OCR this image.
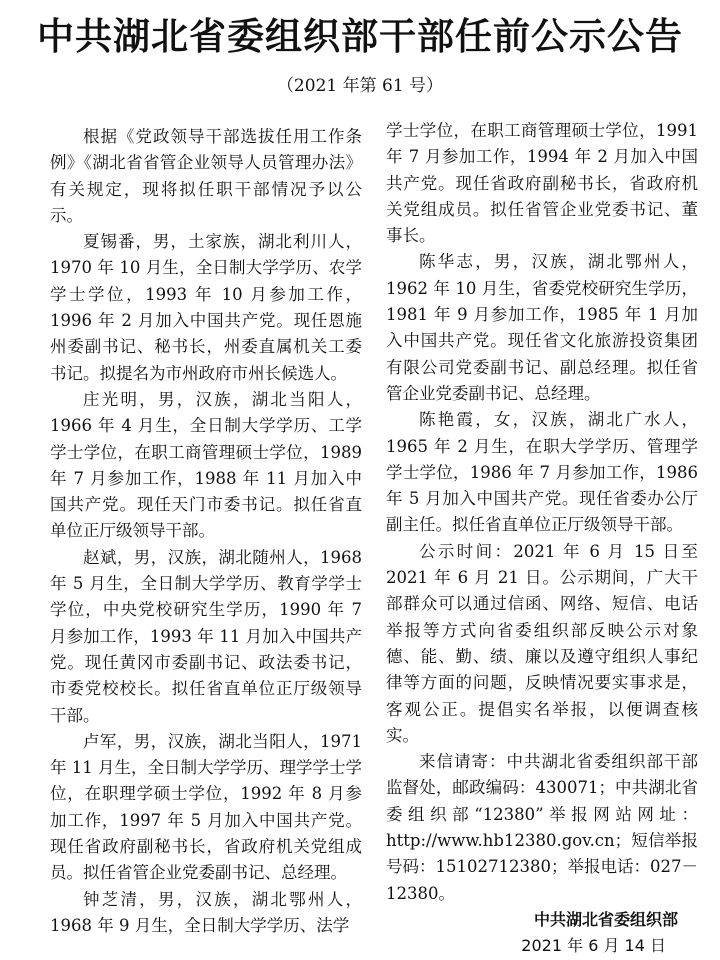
中共湖北省委组织部干部任前公示公告
（2021 年第 61 号）

根据《党政领导干部选拔任用工作条例》《湖北省省管企业领导人员管理办法》有关规定，现将拟任职干部情况予以公示。

夏锡番，男，土家族，湖北利川人，1970 年 10 月生，全日制大学学历、农学学士学位，1993 年 10 月参加工作，1996 年 2 月加入中国共产党。现任恩施州委副书记、秘书长，州委直属机关工委书记。拟提名为市州政府市州长候选人。

庄光明，男，汉族，湖北当阳人，1966 年 4 月生，全日制大学学历、工学学士学位，在职工商管理硕士学位，1989 年 7 月参加工作，1988 年 11 月加入中国共产党。现任天门市委书记。拟任省直单位正厅级领导干部。

赵斌，男，汉族，湖北随州人，1968 年 5 月生，全日制大学学历、教育学学士学位，中央党校研究生学历，1990 年 7 月参加工作，1993 年 11 月加入中国共产党。现任黄冈市委副书记、政法委书记，市委党校校长。拟任省直单位正厅级领导干部。

卢军，男，汉族，湖北当阳人，1971 年 11 月生，全日制大学学历、理学学士学位，在职理学硕士学位，1992 年 8 月参加工作，1997 年 5 月加入中国共产党。现任省政府副秘书长，省政府机关党组成员。拟任省管企业党委副书记、总经理。

钟芝清，男，汉族，湖北鄂州人，1968 年 9 月生，全日制大学学历、法学

学士学位，在职工商管理硕士学位，1991 年 7 月参加工作，1994 年 2 月加入中国共产党。现任省政府副秘书长，省政府机关党组成员。拟任省管企业党委书记、董事长。

陈华志，男，汉族，湖北鄂州人，1962 年 10 月生，省委党校研究生学历，1981 年 9 月参加工作，1985 年 1 月加入中国共产党。现任省文化旅游投资集团有限公司党委副书记、副总经理。拟任省管企业党委副书记、总经理。

陈艳霞，女，汉族，湖北广水人，1965 年 2 月生，在职大学学历、管理学学士学位，1986 年 7 月参加工作，1986 年 5 月加入中国共产党。现任省委办公厅副主任。拟任省直单位正厅级领导干部。

公示时间：2021 年 6 月 15 日至 2021 年 6 月 21 日。公示期间，广大干部群众可以通过信函、网络、短信、电话举报等方式向省委组织部反映公示对象德、能、勤、绩、廉以及遵守组织人事纪律等方面的问题，反映情况要实事求是，客观公正。提倡实名举报，以便调查核实。

来信请寄：中共湖北省委组织部干部监督处，邮政编码：430071；中共湖北省委组织部“12380”举报网站网址：http://www.hb12380.gov.cn；短信举报号码：15102712380；举报电话：027－12380。

中共湖北省委组织部
2021 年 6 月 14 日
